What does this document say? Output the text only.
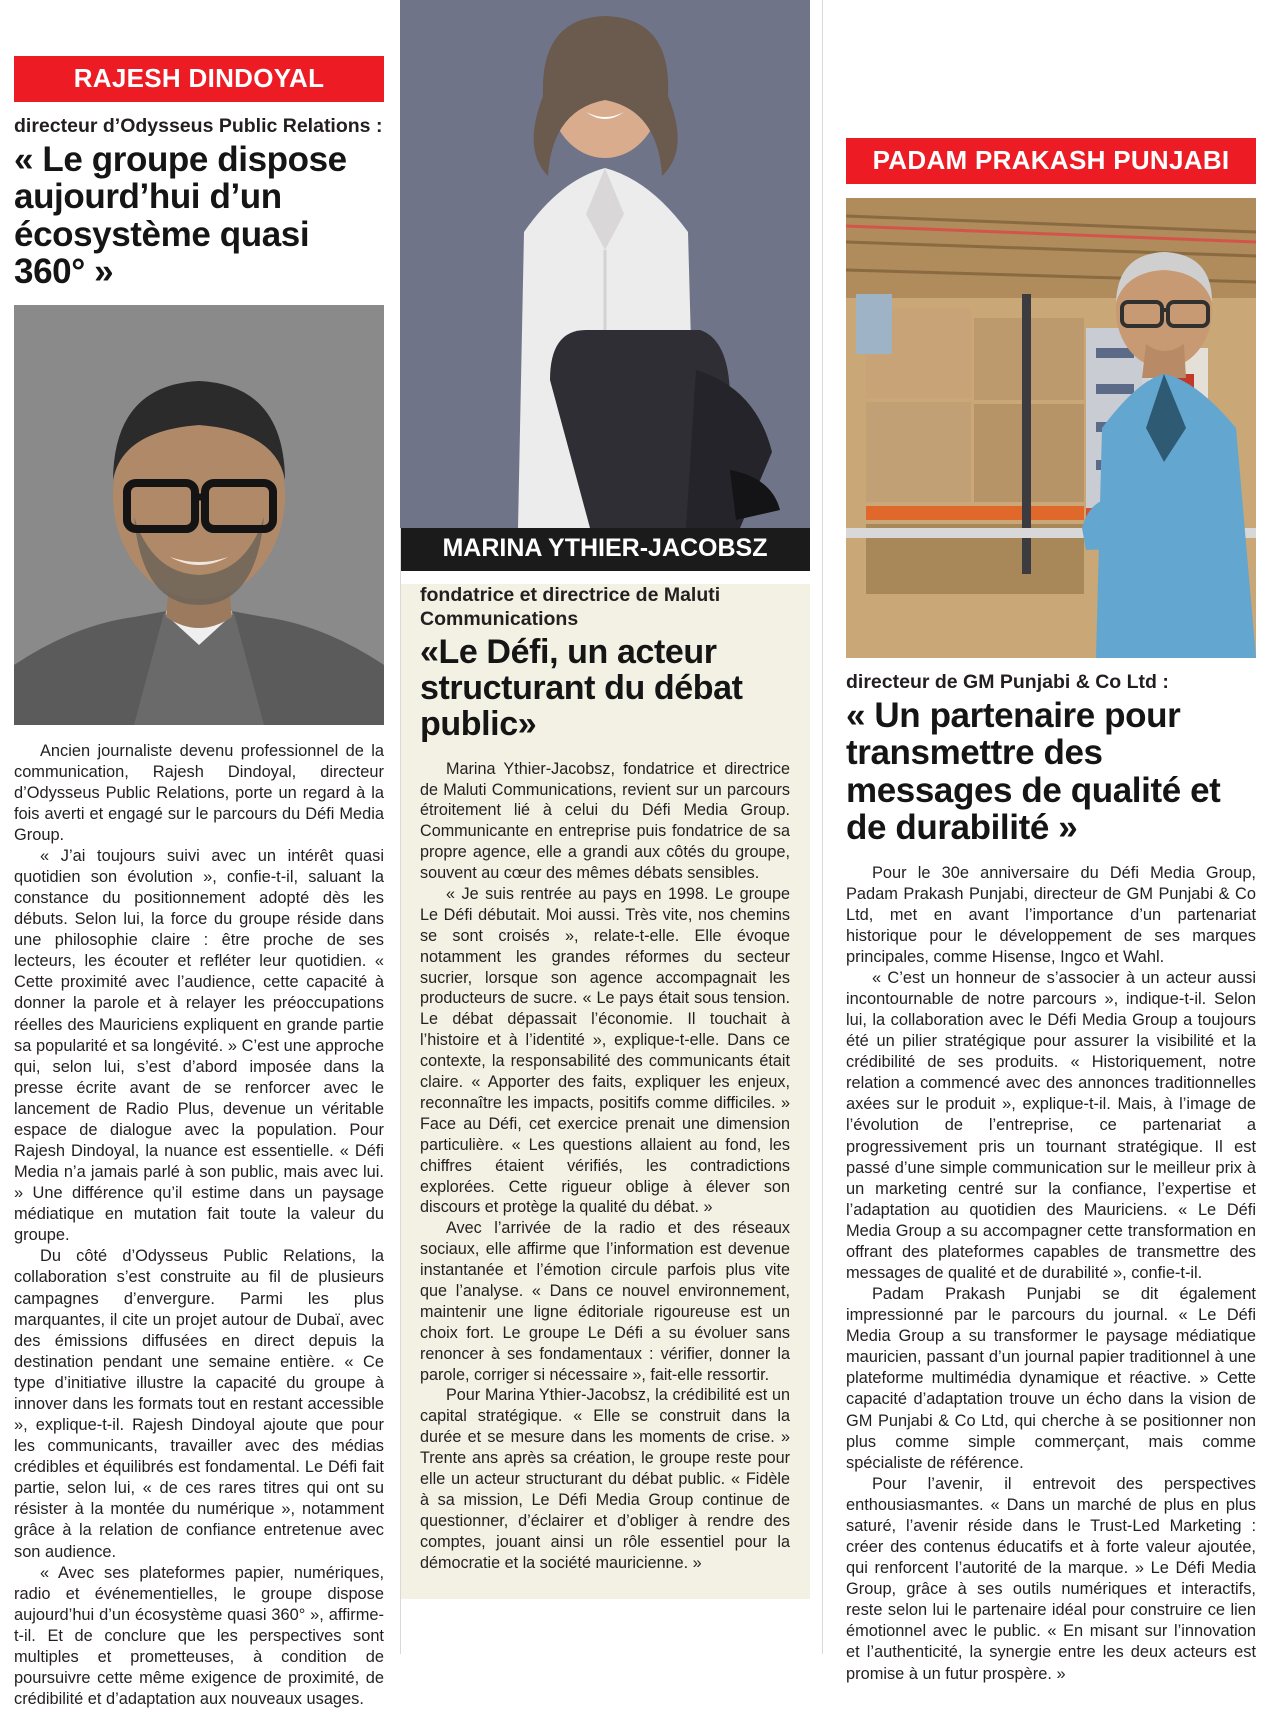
RAJESH DINDOYAL
directeur d’Odysseus Public Relations :
« Le groupe dispose aujourd’hui d’un écosystème quasi 360° »

Ancien journaliste devenu professionnel de la communication, Rajesh Dindoyal, directeur d’Odysseus Public Relations, porte un regard à la fois averti et engagé sur le parcours du Défi Media Group.

« J’ai toujours suivi avec un intérêt quasi quotidien son évolution », confie-t-il, saluant la constance du positionnement adopté dès les débuts. Selon lui, la force du groupe réside dans une philosophie claire : être proche de ses lecteurs, les écouter et refléter leur quotidien. « Cette proximité avec l’audience, cette capacité à donner la parole et à relayer les préoccupations réelles des Mauriciens expliquent en grande partie sa popularité et sa longévité. » C’est une approche qui, selon lui, s’est d’abord imposée dans la presse écrite avant de se renforcer avec le lancement de Radio Plus, devenue un véritable espace de dialogue avec la population. Pour Rajesh Dindoyal, la nuance est essentielle. « Défi Media n’a jamais parlé à son public, mais avec lui. » Une différence qu’il estime dans un paysage médiatique en mutation fait toute la valeur du groupe.

Du côté d’Odysseus Public Relations, la collaboration s’est construite au fil de plusieurs campagnes d’envergure. Parmi les plus marquantes, il cite un projet autour de Dubaï, avec des émissions diffusées en direct depuis la destination pendant une semaine entière. « Ce type d’initiative illustre la capacité du groupe à innover dans les formats tout en restant accessible », explique-t-il. Rajesh Dindoyal ajoute que pour les communicants, travailler avec des médias crédibles et équilibrés est fondamental. Le Défi fait partie, selon lui, « de ces rares titres qui ont su résister à la montée du numérique », notamment grâce à la relation de confiance entretenue avec son audience.

« Avec ses plateformes papier, numériques, radio et événementielles, le groupe dispose aujourd’hui d’un écosystème quasi 360° », affirme-t-il. Et de conclure que les perspectives sont multiples et prometteuses, à condition de poursuivre cette même exigence de proximité, de crédibilité et d’adaptation aux nouveaux usages.

MARINA YTHIER-JACOBSZ
fondatrice et directrice de Maluti Communications
«Le Défi, un acteur structurant du débat public»

Marina Ythier-Jacobsz, fondatrice et directrice de Maluti Communications, revient sur un parcours étroitement lié à celui du Défi Media Group. Communicante en entreprise puis fondatrice de sa propre agence, elle a grandi aux côtés du groupe, souvent au cœur des mêmes débats sensibles.

« Je suis rentrée au pays en 1998. Le groupe Le Défi débutait. Moi aussi. Très vite, nos chemins se sont croisés », relate-t-elle. Elle évoque notamment les grandes réformes du secteur sucrier, lorsque son agence accompagnait les producteurs de sucre. « Le pays était sous tension. Le débat dépassait l’économie. Il touchait à l’histoire et à l’identité », explique-t-elle. Dans ce contexte, la responsabilité des communicants était claire. « Apporter des faits, expliquer les enjeux, reconnaître les impacts, positifs comme difficiles. » Face au Défi, cet exercice prenait une dimension particulière. « Les questions allaient au fond, les chiffres étaient vérifiés, les contradictions explorées. Cette rigueur oblige à élever son discours et protège la qualité du débat. »

Avec l’arrivée de la radio et des réseaux sociaux, elle affirme que l’information est devenue instantanée et l’émotion circule parfois plus vite que l’analyse. « Dans ce nouvel environnement, maintenir une ligne éditoriale rigoureuse est un choix fort. Le groupe Le Défi a su évoluer sans renoncer à ses fondamentaux : vérifier, donner la parole, corriger si nécessaire », fait-elle ressortir.

Pour Marina Ythier-Jacobsz, la crédibilité est un capital stratégique. « Elle se construit dans la durée et se mesure dans les moments de crise. » Trente ans après sa création, le groupe reste pour elle un acteur structurant du débat public. « Fidèle à sa mission, Le Défi Media Group continue de questionner, d’éclairer et d’obliger à rendre des comptes, jouant ainsi un rôle essentiel pour la démocratie et la société mauricienne. »

PADAM PRAKASH PUNJABI
directeur de GM Punjabi & Co Ltd :
« Un partenaire pour transmettre des messages de qualité et de durabilité »

Pour le 30e anniversaire du Défi Media Group, Padam Prakash Punjabi, directeur de GM Punjabi & Co Ltd, met en avant l’importance d’un partenariat historique pour le développement de ses marques principales, comme Hisense, Ingco et Wahl.

« C’est un honneur de s’associer à un acteur aussi incontournable de notre parcours », indique-t-il. Selon lui, la collaboration avec le Défi Media Group a toujours été un pilier stratégique pour assurer la visibilité et la crédibilité de ses produits. « Historiquement, notre relation a commencé avec des annonces traditionnelles axées sur le produit », explique-t-il. Mais, à l’image de l’évolution de l’entreprise, ce partenariat a progressivement pris un tournant stratégique. Il est passé d’une simple communication sur le meilleur prix à un marketing centré sur la confiance, l’expertise et l’adaptation au quotidien des Mauriciens. « Le Défi Media Group a su accompagner cette transformation en offrant des plateformes capables de transmettre des messages de qualité et de durabilité », confie-t-il.

Padam Prakash Punjabi se dit également impressionné par le parcours du journal. « Le Défi Media Group a su transformer le paysage médiatique mauricien, passant d’un journal papier traditionnel à une plateforme multimédia dynamique et réactive. » Cette capacité d’adaptation trouve un écho dans la vision de GM Punjabi & Co Ltd, qui cherche à se positionner non plus comme simple commerçant, mais comme spécialiste de référence.

Pour l’avenir, il entrevoit des perspectives enthousiasmantes. « Dans un marché de plus en plus saturé, l’avenir réside dans le Trust-Led Marketing : créer des contenus éducatifs et à forte valeur ajoutée, qui renforcent l’autorité de la marque. » Le Défi Media Group, grâce à ses outils numériques et interactifs, reste selon lui le partenaire idéal pour construire ce lien émotionnel avec le public. « En misant sur l’innovation et l’authenticité, la synergie entre les deux acteurs est promise à un futur prospère. »
